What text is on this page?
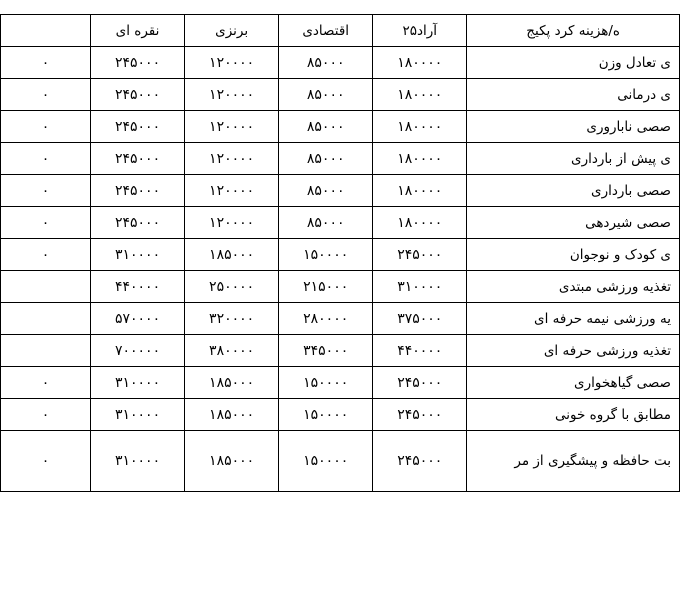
ه/هزینه کرد پکیج	آراد۲۵	اقتصادی	برنزی	نقره ای	
ی تعادل وزن	۱۸۰۰۰۰	۸۵۰۰۰	۱۲۰۰۰۰	۲۴۵۰۰۰	۰
ی درمانی	۱۸۰۰۰۰	۸۵۰۰۰	۱۲۰۰۰۰	۲۴۵۰۰۰	۰
صصی ناباروری	۱۸۰۰۰۰	۸۵۰۰۰	۱۲۰۰۰۰	۲۴۵۰۰۰	۰
ی پیش از بارداری	۱۸۰۰۰۰	۸۵۰۰۰	۱۲۰۰۰۰	۲۴۵۰۰۰	۰
صصی بارداری	۱۸۰۰۰۰	۸۵۰۰۰	۱۲۰۰۰۰	۲۴۵۰۰۰	۰
صصی شیردهی	۱۸۰۰۰۰	۸۵۰۰۰	۱۲۰۰۰۰	۲۴۵۰۰۰	۰
ی کودک و نوجوان	۲۴۵۰۰۰	۱۵۰۰۰۰	۱۸۵۰۰۰	۳۱۰۰۰۰	۰
تغذیه ورزشی مبتدی	۳۱۰۰۰۰	۲۱۵۰۰۰	۲۵۰۰۰۰	۴۴۰۰۰۰	
یه ورزشی نیمه حرفه ای	۳۷۵۰۰۰	۲۸۰۰۰۰	۳۲۰۰۰۰	۵۷۰۰۰۰	
تغذیه ورزشی حرفه ای	۴۴۰۰۰۰	۳۴۵۰۰۰	۳۸۰۰۰۰	۷۰۰۰۰۰	
صصی گیاهخواری	۲۴۵۰۰۰	۱۵۰۰۰۰	۱۸۵۰۰۰	۳۱۰۰۰۰	۰
مطابق با گروه خونی	۲۴۵۰۰۰	۱۵۰۰۰۰	۱۸۵۰۰۰	۳۱۰۰۰۰	۰
بت حافظه و پیشگیری از مر	۲۴۵۰۰۰	۱۵۰۰۰۰	۱۸۵۰۰۰	۳۱۰۰۰۰	۰
